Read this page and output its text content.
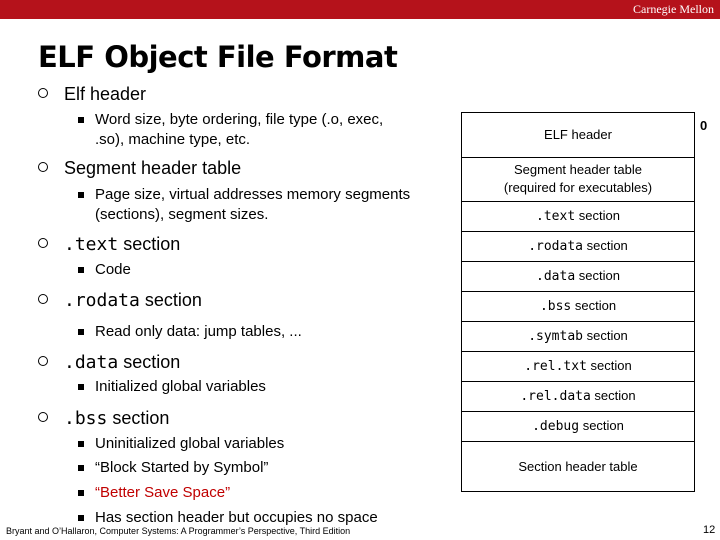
Carnegie Mellon
ELF Object File Format
Elf header
Word size, byte ordering, file type (.o, exec,
.so), machine type, etc.
Segment header table
Page size, virtual addresses memory segments
(sections), segment sizes.
.text section
Code
.rodata section
Read only data: jump tables, ...
.data section
Initialized global variables
.bss section
Uninitialized global variables
“Block Started by Symbol”
“Better Save Space”
Has section header but occupies no space
0
ELF header
Segment header table
(required for executables)
.text section
.rodata section
.data section
.bss section
.symtab section
.rel.txt section
.rel.data section
.debug section
Section header table
Bryant and O’Hallaron, Computer Systems: A Programmer’s Perspective, Third Edition	12
